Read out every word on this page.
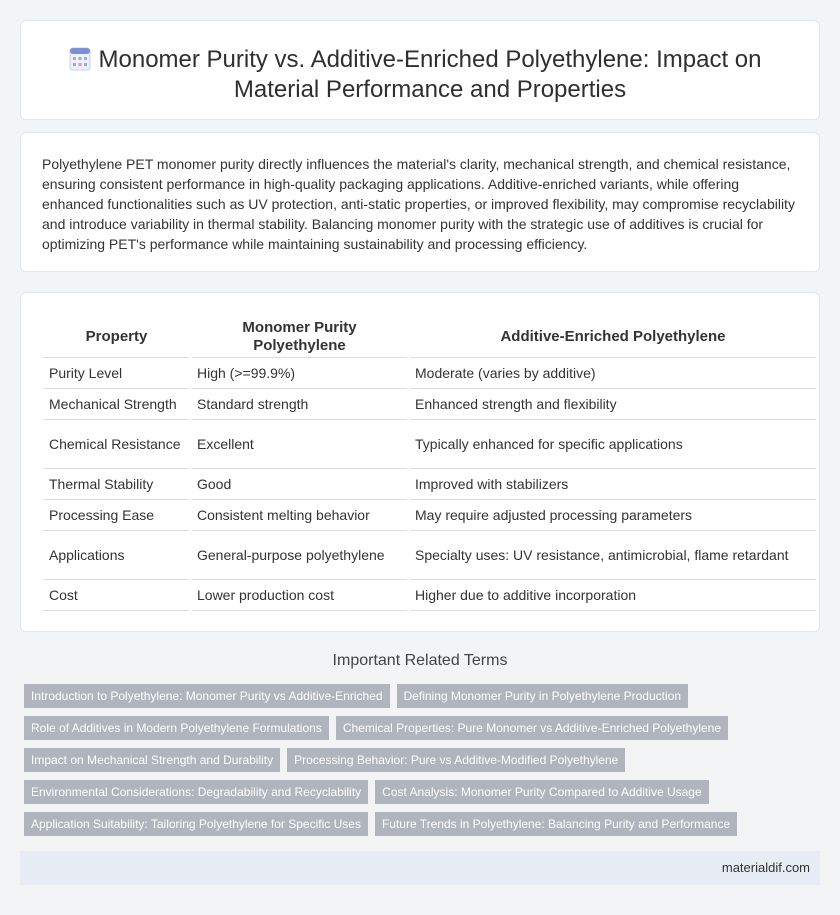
Monomer Purity vs. Additive-Enriched Polyethylene: Impact on Material Performance and Properties

Polyethylene PET monomer purity directly influences the material's clarity, mechanical strength, and chemical resistance, ensuring consistent performance in high-quality packaging applications. Additive-enriched variants, while offering enhanced functionalities such as UV protection, anti-static properties, or improved flexibility, may compromise recyclability and introduce variability in thermal stability. Balancing monomer purity with the strategic use of additives is crucial for optimizing PET's performance while maintaining sustainability and processing efficiency.

Property	Monomer Purity Polyethylene	Additive-Enriched Polyethylene
Purity Level	High (>=99.9%)	Moderate (varies by additive)
Mechanical Strength	Standard strength	Enhanced strength and flexibility
Chemical Resistance	Excellent	Typically enhanced for specific applications
Thermal Stability	Good	Improved with stabilizers
Processing Ease	Consistent melting behavior	May require adjusted processing parameters
Applications	General-purpose polyethylene	Specialty uses: UV resistance, antimicrobial, flame retardant
Cost	Lower production cost	Higher due to additive incorporation
Important Related Terms
Introduction to Polyethylene: Monomer Purity vs Additive-Enriched	Defining Monomer Purity in Polyethylene Production
Role of Additives in Modern Polyethylene Formulations	Chemical Properties: Pure Monomer vs Additive-Enriched Polyethylene
Impact on Mechanical Strength and Durability	Processing Behavior: Pure vs Additive-Modified Polyethylene
Environmental Considerations: Degradability and Recyclability	Cost Analysis: Monomer Purity Compared to Additive Usage
Application Suitability: Tailoring Polyethylene for Specific Uses	Future Trends in Polyethylene: Balancing Purity and Performance
materialdif.com
